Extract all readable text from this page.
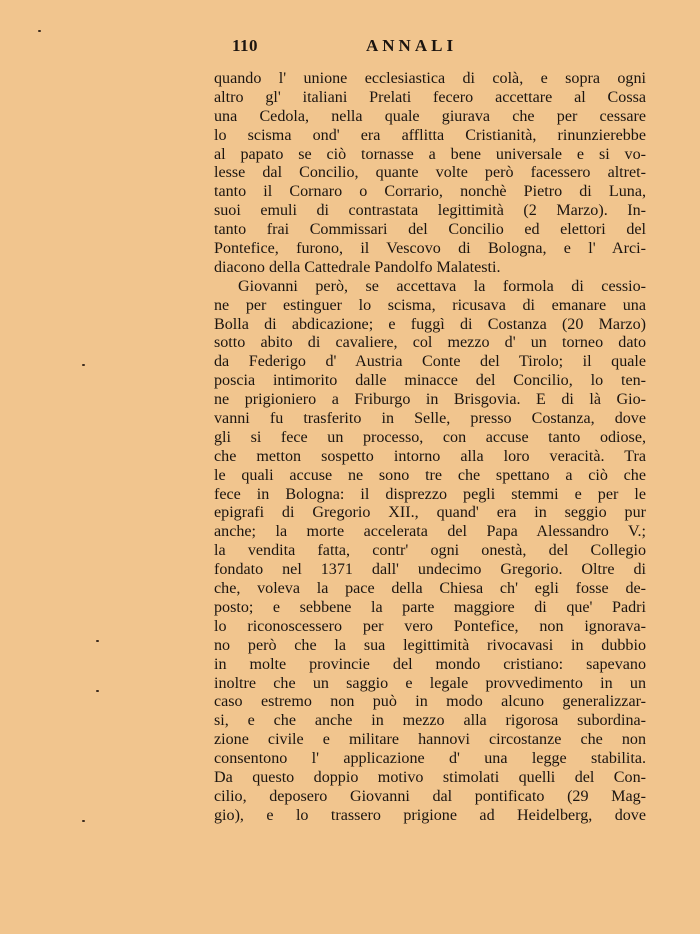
110	ANNALI
quando l' unione ecclesiastica di colà, e sopra ogni
altro gl' italiani Prelati fecero accettare al Cossa
una Cedola, nella quale giurava che per cessare
lo scisma ond' era afflitta Cristianità, rinunzierebbe
al papato se ciò tornasse a bene universale e si vo-
lesse dal Concilio, quante volte però facessero altret-
tanto il Cornaro o Corrario, nonchè Pietro di Luna,
suoi emuli di contrastata legittimità (2 Marzo). In-
tanto frai Commissari del Concilio ed elettori del
Pontefice, furono, il Vescovo di Bologna, e l' Arci-
diacono della Cattedrale Pandolfo Malatesti.
Giovanni però, se accettava la formola di cessio-
ne per estinguer lo scisma, ricusava di emanare una
Bolla di abdicazione; e fuggì di Costanza (20 Marzo)
sotto abito di cavaliere, col mezzo d' un torneo dato
da Federigo d' Austria Conte del Tirolo; il quale
poscia intimorito dalle minacce del Concilio, lo ten-
ne prigioniero a Friburgo in Brisgovia. E di là Gio-
vanni fu trasferito in Selle, presso Costanza, dove
gli si fece un processo, con accuse tanto odiose,
che metton sospetto intorno alla loro veracità. Tra
le quali accuse ne sono tre che spettano a ciò che
fece in Bologna: il disprezzo pegli stemmi e per le
epigrafi di Gregorio XII., quand' era in seggio pur
anche; la morte accelerata del Papa Alessandro V.;
la vendita fatta, contr' ogni onestà, del Collegio
fondato nel 1371 dall' undecimo Gregorio. Oltre di
che, voleva la pace della Chiesa ch' egli fosse de-
posto; e sebbene la parte maggiore di que' Padri
lo riconoscessero per vero Pontefice, non ignorava-
no però che la sua legittimità rivocavasi in dubbio
in molte provincie del mondo cristiano: sapevano
inoltre che un saggio e legale provvedimento in un
caso estremo non può in modo alcuno generalizzar-
si, e che anche in mezzo alla rigorosa subordina-
zione civile e militare hannovi circostanze che non
consentono l' applicazione d' una legge stabilita.
Da questo doppio motivo stimolati quelli del Con-
cilio, deposero Giovanni dal pontificato (29 Mag-
gio), e lo trassero prigione ad Heidelberg, dove
